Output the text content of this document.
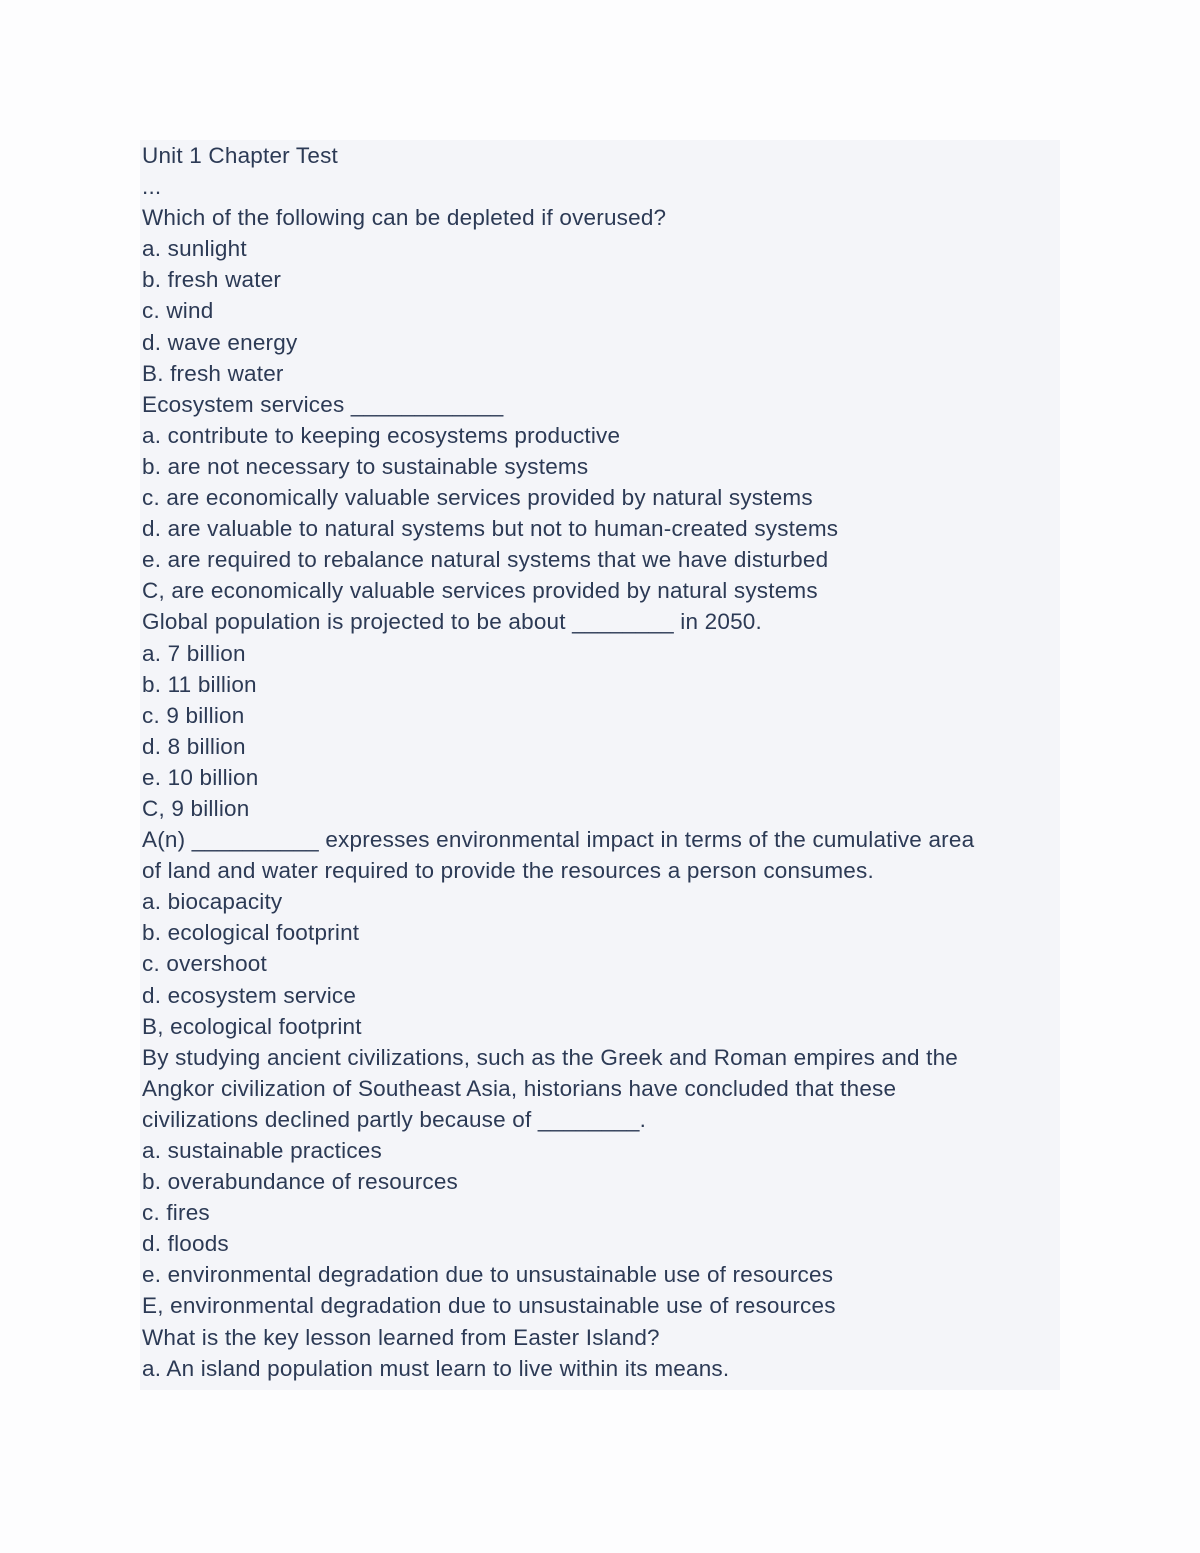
Unit 1 Chapter Test
...
Which of the following can be depleted if overused?
a. sunlight
b. fresh water
c. wind
d. wave energy
B. fresh water
Ecosystem services ____________
a. contribute to keeping ecosystems productive
b. are not necessary to sustainable systems
c. are economically valuable services provided by natural systems
d. are valuable to natural systems but not to human-created systems
e. are required to rebalance natural systems that we have disturbed
C, are economically valuable services provided by natural systems
Global population is projected to be about ________ in 2050.
a. 7 billion
b. 11 billion
c. 9 billion
d. 8 billion
e. 10 billion
C, 9 billion
A(n) __________ expresses environmental impact in terms of the cumulative area
of land and water required to provide the resources a person consumes.
a. biocapacity
b. ecological footprint
c. overshoot
d. ecosystem service
B, ecological footprint
By studying ancient civilizations, such as the Greek and Roman empires and the
Angkor civilization of Southeast Asia, historians have concluded that these
civilizations declined partly because of ________.
a. sustainable practices
b. overabundance of resources
c. fires
d. floods
e. environmental degradation due to unsustainable use of resources
E, environmental degradation due to unsustainable use of resources
What is the key lesson learned from Easter Island?
a. An island population must learn to live within its means.
